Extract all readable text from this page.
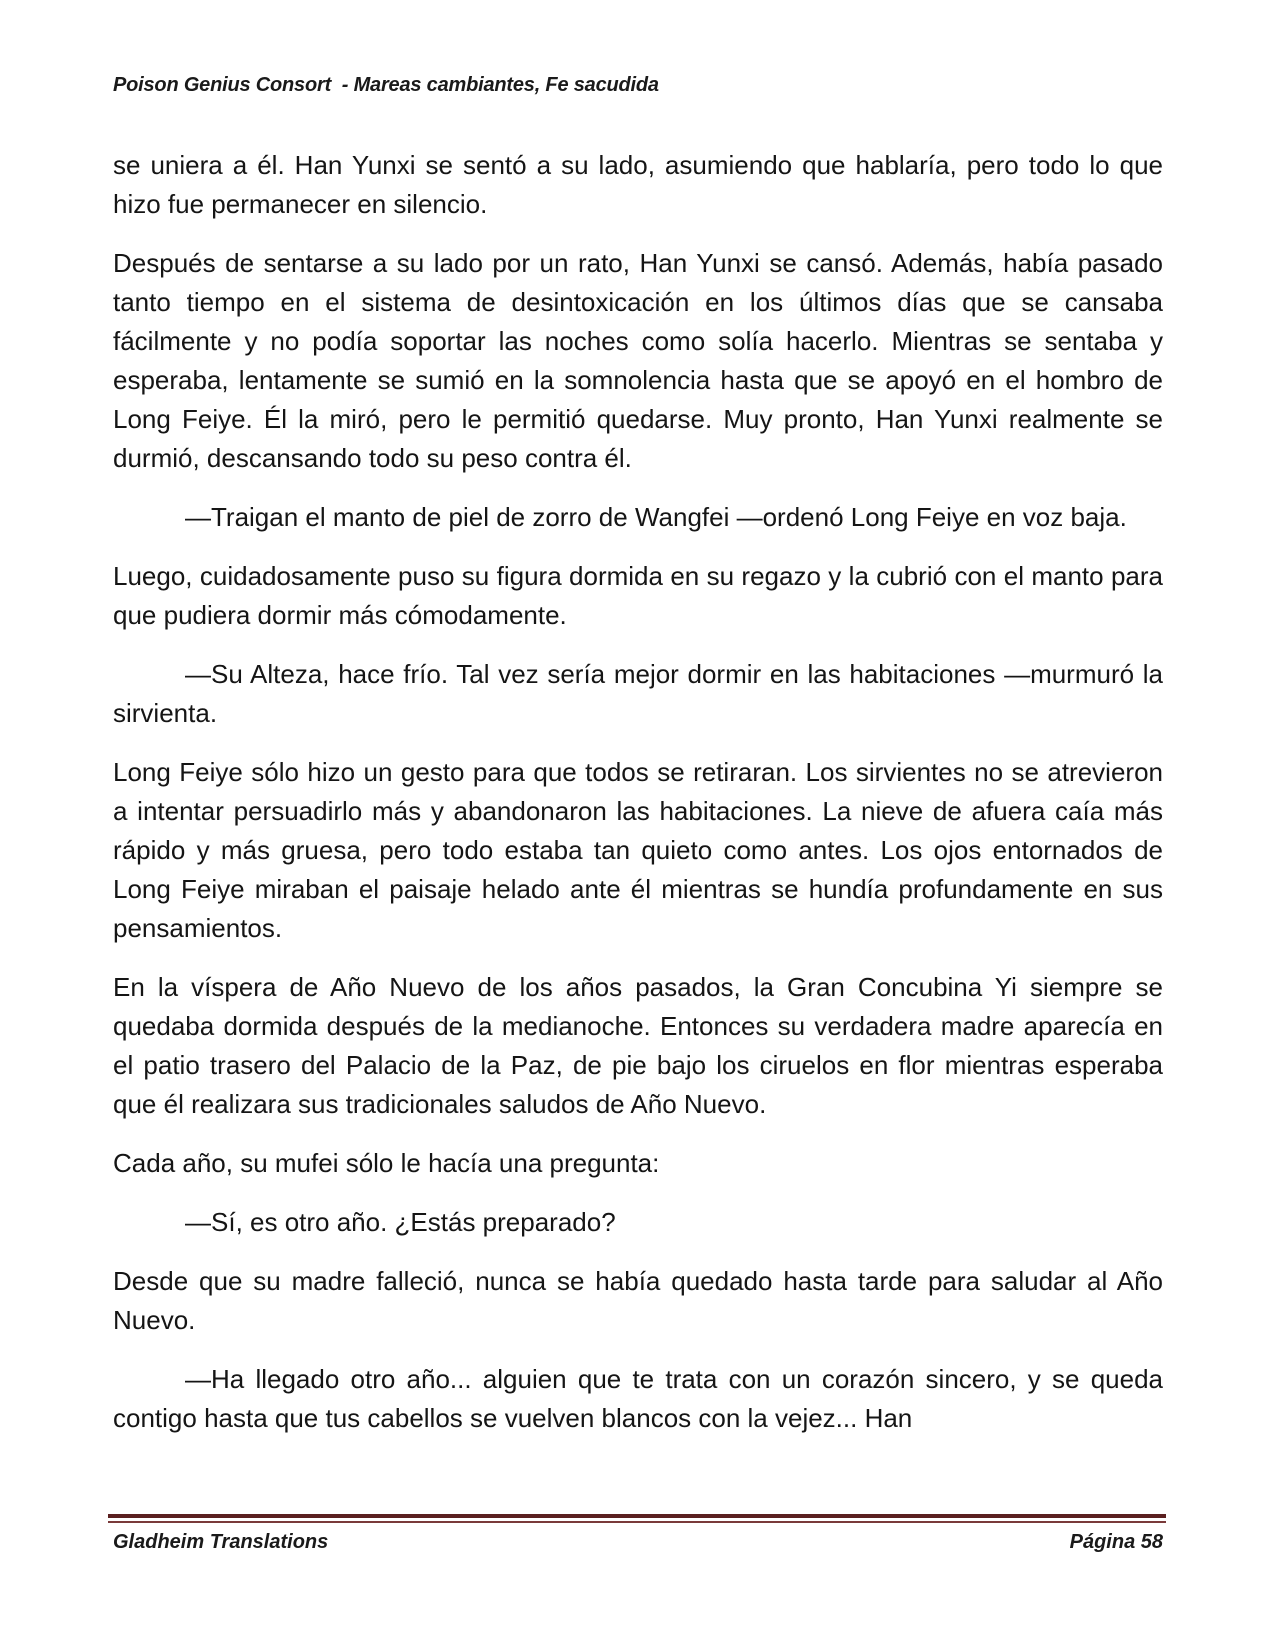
Poison Genius Consort  - Mareas cambiantes, Fe sacudida

se uniera a él. Han Yunxi se sentó a su lado, asumiendo que hablaría, pero todo lo que hizo fue permanecer en silencio.

Después de sentarse a su lado por un rato, Han Yunxi se cansó. Además, había pasado tanto tiempo en el sistema de desintoxicación en los últimos días que se cansaba fácilmente y no podía soportar las noches como solía hacerlo. Mientras se sentaba y esperaba, lentamente se sumió en la somnolencia hasta que se apoyó en el hombro de Long Feiye. Él la miró, pero le permitió quedarse. Muy pronto, Han Yunxi realmente se durmió, descansando todo su peso contra él.

—Traigan el manto de piel de zorro de Wangfei —ordenó Long Feiye en voz baja.

Luego, cuidadosamente puso su figura dormida en su regazo y la cubrió con el manto para que pudiera dormir más cómodamente.

—Su Alteza, hace frío. Tal vez sería mejor dormir en las habitaciones —murmuró la sirvienta.

Long Feiye sólo hizo un gesto para que todos se retiraran. Los sirvientes no se atrevieron a intentar persuadirlo más y abandonaron las habitaciones. La nieve de afuera caía más rápido y más gruesa, pero todo estaba tan quieto como antes. Los ojos entornados de Long Feiye miraban el paisaje helado ante él mientras se hundía profundamente en sus pensamientos.

En la víspera de Año Nuevo de los años pasados, la Gran Concubina Yi siempre se quedaba dormida después de la medianoche. Entonces su verdadera madre aparecía en el patio trasero del Palacio de la Paz, de pie bajo los ciruelos en flor mientras esperaba que él realizara sus tradicionales saludos de Año Nuevo.

Cada año, su mufei sólo le hacía una pregunta:

—Sí, es otro año. ¿Estás preparado?

Desde que su madre falleció, nunca se había quedado hasta tarde para saludar al Año Nuevo.

—Ha llegado otro año... alguien que te trata con un corazón sincero, y se queda contigo hasta que tus cabellos se vuelven blancos con la vejez... Han

Gladheim Translations	Página 58
